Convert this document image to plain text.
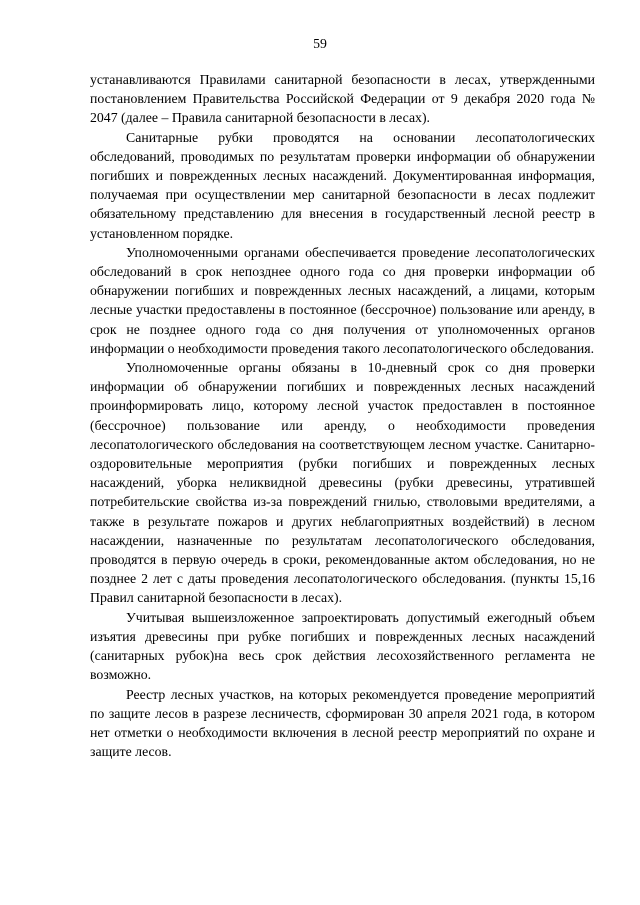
59

устанавливаются Правилами санитарной безопасности в лесах, утвержденными постановлением Правительства Российской Федерации от 9 декабря 2020 года № 2047 (далее – Правила санитарной безопасности в лесах).

Санитарные рубки проводятся на основании лесопатологических обследований, проводимых по результатам проверки информации об обнаружении погибших и поврежденных лесных насаждений. Документированная информация, получаемая при осуществлении мер санитарной безопасности в лесах подлежит обязательному представлению для внесения в государственный лесной реестр в установленном порядке.

Уполномоченными органами обеспечивается проведение лесопатологических обследований в срок непозднее одного года со дня проверки информации об обнаружении погибших и поврежденных лесных насаждений, а лицами, которым лесные участки предоставлены в постоянное (бессрочное) пользование или аренду, в срок не позднее одного года со дня получения от уполномоченных органов информации о необходимости проведения такого лесопатологического обследования.

Уполномоченные органы обязаны в 10-дневный срок со дня проверки информации об обнаружении погибших и поврежденных лесных насаждений проинформировать лицо, которому лесной участок предоставлен в постоянное (бессрочное) пользование или аренду, о необходимости проведения лесопатологического обследования на соответствующем лесном участке. Санитарно-оздоровительные мероприятия (рубки погибших и поврежденных лесных насаждений, уборка неликвидной древесины (рубки древесины, утратившей потребительские свойства из-за повреждений гнилью, стволовыми вредителями, а также в результате пожаров и других неблагоприятных воздействий) в лесном насаждении, назначенные по результатам лесопатологического обследования, проводятся в первую очередь в сроки, рекомендованные актом обследования, но не позднее 2 лет с даты проведения лесопатологического обследования. (пункты 15,16 Правил санитарной безопасности в лесах).

Учитывая вышеизложенное запроектировать допустимый ежегодный объем изъятия древесины при рубке погибших и поврежденных лесных насаждений (санитарных рубок)на весь срок действия лесохозяйственного регламента не возможно.

Реестр лесных участков, на которых рекомендуется проведение мероприятий по защите лесов в разрезе лесничеств, сформирован 30 апреля 2021 года, в котором нет отметки о необходимости включения в лесной реестр мероприятий по охране и защите лесов.
